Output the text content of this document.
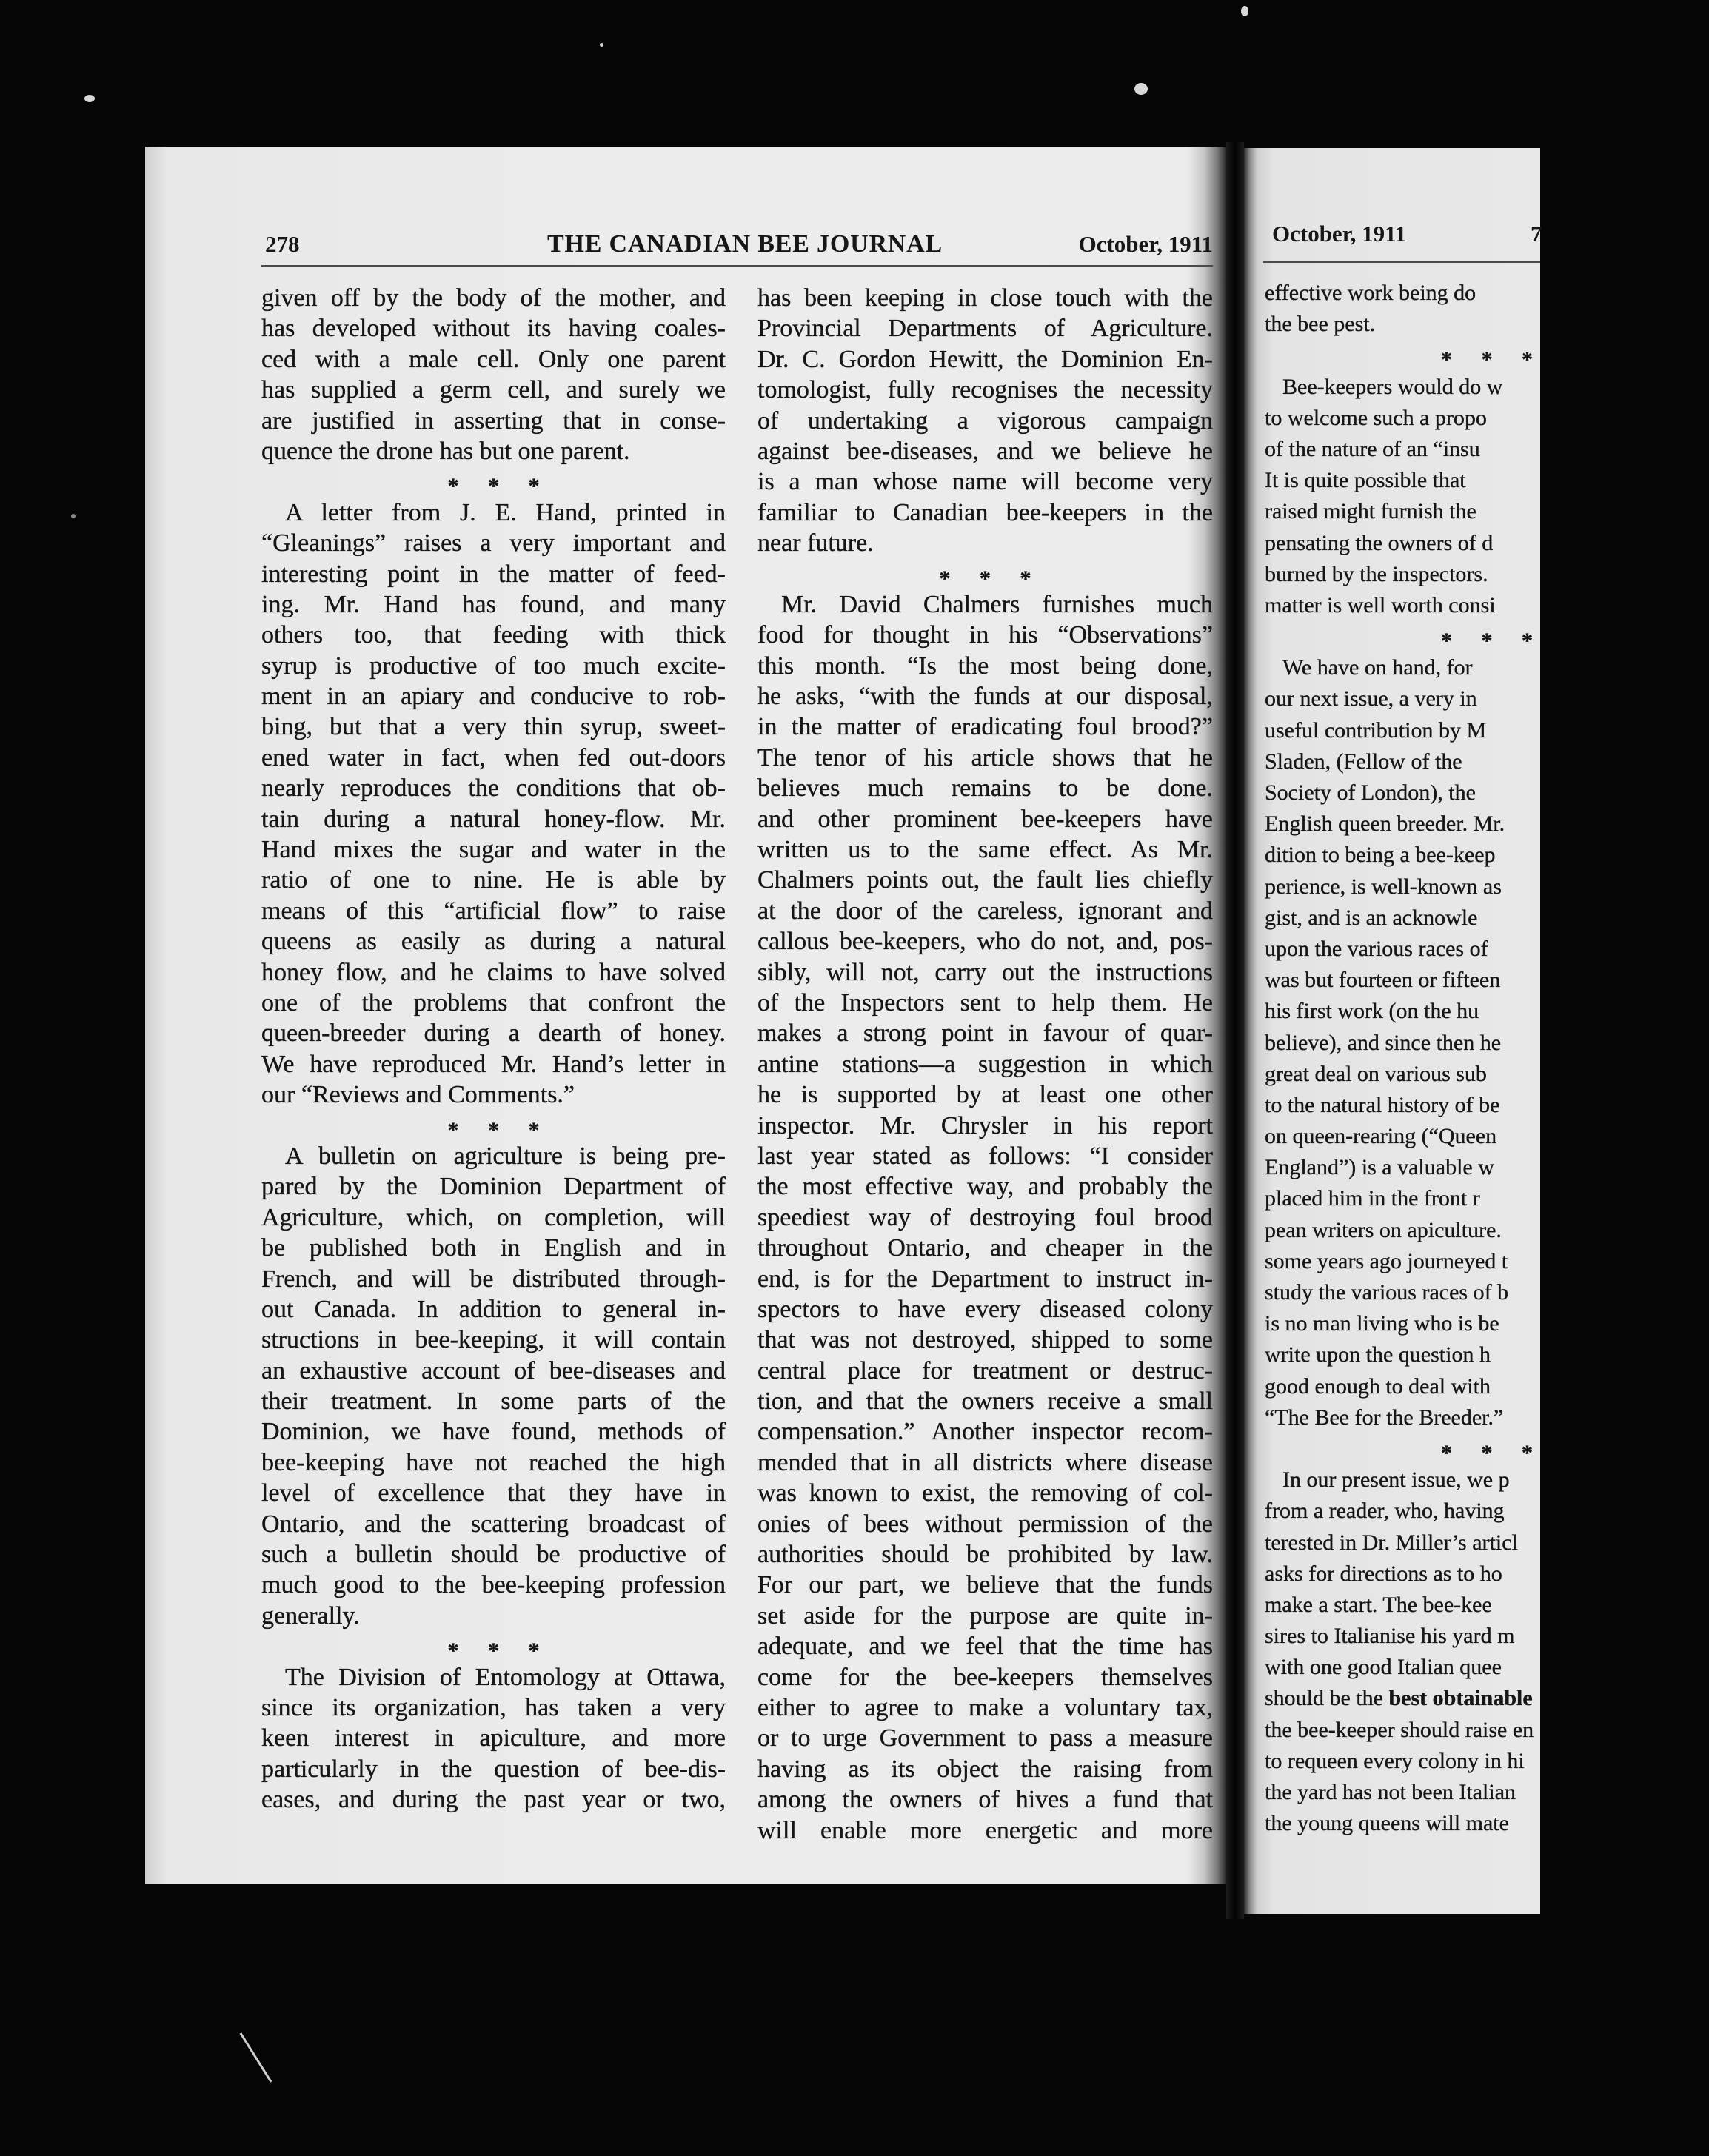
278	THE CANADIAN BEE JOURNAL	October, 1911
given off by the body of the mother, and
has developed without its having coales-
ced with a male cell. Only one parent
has supplied a germ cell, and surely we
are justified in asserting that in conse-
quence the drone has but one parent.
* * *
A letter from J. E. Hand, printed in
“Gleanings” raises a very important and
interesting point in the matter of feed-
ing. Mr. Hand has found, and many
others too, that feeding with thick
syrup is productive of too much excite-
ment in an apiary and conducive to rob-
bing, but that a very thin syrup, sweet-
ened water in fact, when fed out-doors
nearly reproduces the conditions that ob-
tain during a natural honey-flow. Mr.
Hand mixes the sugar and water in the
ratio of one to nine. He is able by
means of this “artificial flow” to raise
queens as easily as during a natural
honey flow, and he claims to have solved
one of the problems that confront the
queen-breeder during a dearth of honey.
We have reproduced Mr. Hand’s letter in
our “Reviews and Comments.”
* * *
A bulletin on agriculture is being pre-
pared by the Dominion Department of
Agriculture, which, on completion, will
be published both in English and in
French, and will be distributed through-
out Canada. In addition to general in-
structions in bee-keeping, it will contain
an exhaustive account of bee-diseases and
their treatment. In some parts of the
Dominion, we have found, methods of
bee-keeping have not reached the high
level of excellence that they have in
Ontario, and the scattering broadcast of
such a bulletin should be productive of
much good to the bee-keeping profession
generally.
* * *
The Division of Entomology at Ottawa,
since its organization, has taken a very
keen interest in apiculture, and more
particularly in the question of bee-dis-
eases, and during the past year or two,
has been keeping in close touch with the
Provincial Departments of Agriculture.
Dr. C. Gordon Hewitt, the Dominion En-
tomologist, fully recognises the necessity
of undertaking a vigorous campaign
against bee-diseases, and we believe he
is a man whose name will become very
familiar to Canadian bee-keepers in the
near future.
* * *
Mr. David Chalmers furnishes much
food for thought in his “Observations”
this month. “Is the most being done,
he asks, “with the funds at our disposal,
in the matter of eradicating foul brood?”
The tenor of his article shows that he
believes much remains to be done.
and other prominent bee-keepers have
written us to the same effect. As Mr.
Chalmers points out, the fault lies chiefly
at the door of the careless, ignorant and
callous bee-keepers, who do not, and, pos-
sibly, will not, carry out the instructions
of the Inspectors sent to help them. He
makes a strong point in favour of quar-
antine stations—a suggestion in which
he is supported by at least one other
inspector. Mr. Chrysler in his report
last year stated as follows: “I consider
the most effective way, and probably the
speediest way of destroying foul brood
throughout Ontario, and cheaper in the
end, is for the Department to instruct in-
spectors to have every diseased colony
that was not destroyed, shipped to some
central place for treatment or destruc-
tion, and that the owners receive a small
compensation.” Another inspector recom-
mended that in all districts where disease
was known to exist, the removing of col-
onies of bees without permission of the
authorities should be prohibited by law.
For our part, we believe that the funds
set aside for the purpose are quite in-
adequate, and we feel that the time has
come for the bee-keepers themselves
either to agree to make a voluntary tax,
or to urge Government to pass a measure
having as its object the raising from
among the owners of hives a fund that
will enable more energetic and more
October, 1911	7
effective work being do
the bee pest.
* * *
Bee-keepers would do w
to welcome such a propo
of the nature of an “insu
It is quite possible that
raised might furnish the
pensating the owners of d
burned by the inspectors.
matter is well worth consi
* * *
We have on hand, for
our next issue, a very in
useful contribution by M
Sladen, (Fellow of the
Society of London), the
English queen breeder. Mr.
dition to being a bee-keep
perience, is well-known as
gist, and is an acknowle
upon the various races of
was but fourteen or fifteen
his first work (on the hu
believe), and since then he
great deal on various sub
to the natural history of be
on queen-rearing (“Queen
England”) is a valuable w
placed him in the front r
pean writers on apiculture.
some years ago journeyed t
study the various races of b
is no man living who is be
write upon the question h
good enough to deal with
“The Bee for the Breeder.”
* * *
In our present issue, we p
from a reader, who, having
terested in Dr. Miller’s articl
asks for directions as to ho
make a start. The bee-kee
sires to Italianise his yard m
with one good Italian quee
should be the best obtainable
the bee-keeper should raise en
to requeen every colony in hi
the yard has not been Italian
the young queens will mate
